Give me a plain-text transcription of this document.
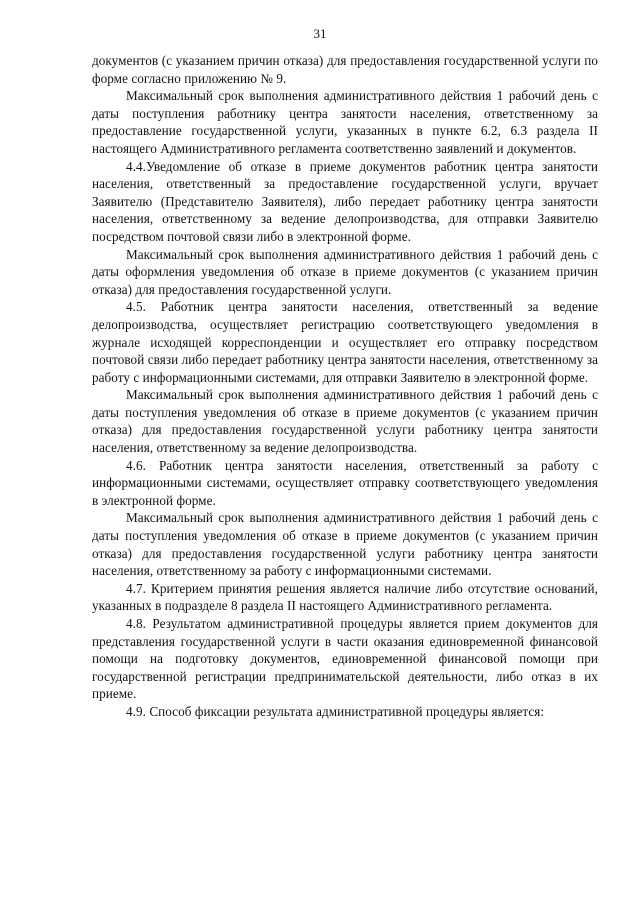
31

документов (с указанием причин отказа) для предоставления государственной услуги по форме согласно приложению № 9.

Максимальный срок выполнения административного действия 1 рабочий день с даты поступления работнику центра занятости населения, ответственному за предоставление государственной услуги, указанных в пункте 6.2, 6.3 раздела II настоящего Административного регламента соответственно заявлений и документов.

4.4.Уведомление об отказе в приеме документов работник центра занятости населения, ответственный за предоставление государственной услуги, вручает Заявителю (Представителю Заявителя), либо передает работнику центра занятости населения, ответственному за ведение делопроизводства, для отправки Заявителю посредством почтовой связи либо в электронной форме.

Максимальный срок выполнения административного действия 1 рабочий день с даты оформления уведомления об отказе в приеме документов (с указанием причин отказа) для предоставления государственной услуги.

4.5. Работник центра занятости населения, ответственный за ведение делопроизводства, осуществляет регистрацию соответствующего уведомления в журнале исходящей корреспонденции и осуществляет его отправку посредством почтовой связи либо передает работнику центра занятости населения, ответственному за работу с информационными системами, для отправки Заявителю в электронной форме.

Максимальный срок выполнения административного действия 1 рабочий день с даты поступления уведомления об отказе в приеме документов (с указанием причин отказа) для предоставления государственной услуги работнику центра занятости населения, ответственному за ведение делопроизводства.

4.6. Работник центра занятости населения, ответственный за работу с информационными системами, осуществляет отправку соответствующего уведомления в электронной форме.

Максимальный срок выполнения административного действия 1 рабочий день с даты поступления уведомления об отказе в приеме документов (с указанием причин отказа) для предоставления государственной услуги работнику центра занятости населения, ответственному за работу с информационными системами.

4.7. Критерием принятия решения является наличие либо отсутствие оснований, указанных в подразделе 8 раздела II настоящего Административного регламента.

4.8. Результатом административной процедуры является прием документов для представления государственной услуги в части оказания единовременной финансовой помощи на подготовку документов, единовременной финансовой помощи при государственной регистрации предпринимательской деятельности, либо отказ в их приеме.

4.9. Способ фиксации результата административной процедуры является:
